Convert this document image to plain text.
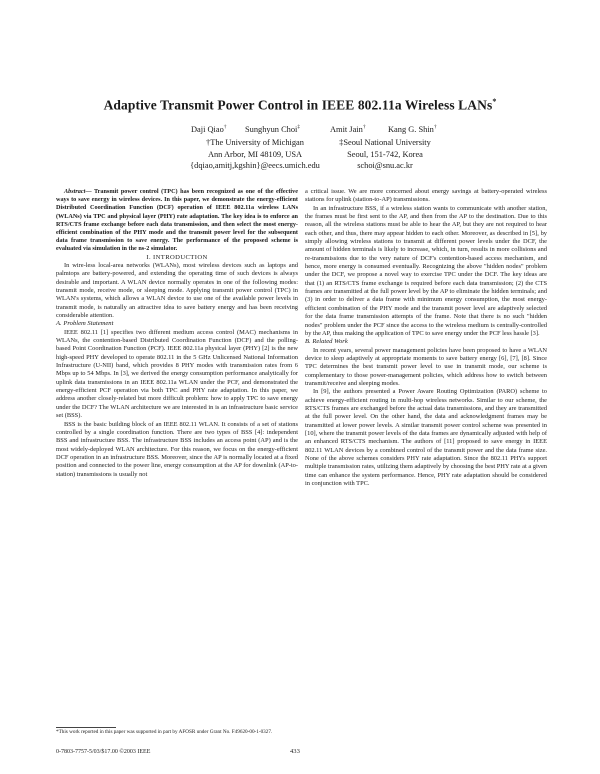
Adaptive Transmit Power Control in IEEE 802.11a Wireless LANs*
Daji Qiao† Sunghyun Choi‡	Amit Jain†	Kang G. Shin†
†The University of Michigan
Ann Arbor, MI 48109, USA
{dqiao,amitj,kgshin}@eecs.umich.edu
‡Seoul National University
Seoul, 151-742, Korea
schoi@snu.ac.kr

Abstract— Transmit power control (TPC) has been recognized as one of the effective ways to save energy in wireless devices. In this paper, we demonstrate the energy-efficient Distributed Coordination Function (DCF) operation of IEEE 802.11a wireless LANs (WLANs) via TPC and physical layer (PHY) rate adaptation. The key idea is to enforce an RTS/CTS frame exchange before each data transmission, and then select the most energy-efficient combination of the PHY mode and the transmit power level for the subsequent data frame transmission to save energy. The performance of the proposed scheme is evaluated via simulation in the ns-2 simulator.

I. INTRODUCTION

In wire-less local-area networks (WLANs), most wireless devices such as laptops and palmtops are battery-powered, and extending the operating time of such devices is always desirable and important. A WLAN device normally operates in one of the following modes: transmit mode, receive mode, or sleeping mode. Applying transmit power control (TPC) in WLAN's systems, which allows a WLAN device to use one of the available power levels in transmit mode, is naturally an attractive idea to save battery energy and has been receiving considerable attention.

A. Problem Statement

IEEE 802.11 [1] specifies two different medium access control (MAC) mechanisms in WLANs, the contention-based Distributed Coordination Function (DCF) and the polling-based Point Coordination Function (PCF). IEEE 802.11a physical layer (PHY) [2] is the new high-speed PHY developed to operate 802.11 in the 5 GHz Unlicensed National Information Infrastructure (U-NII) band, which provides 8 PHY modes with transmission rates from 6 Mbps up to 54 Mbps. In [3], we derived the energy consumption performance analytically for uplink data transmissions in an IEEE 802.11a WLAN under the PCF, and demonstrated the energy-efficient PCF operation via both TPC and PHY rate adaptation. In this paper, we address another closely-related but more difficult problem: how to apply TPC to save energy under the DCF? The WLAN architecture we are interested in is an infrastructure basic service set (BSS).

BSS is the basic building block of an IEEE 802.11 WLAN. It consists of a set of stations controlled by a single coordination function. There are two types of BSS [4]: independent BSS and infrastructure BSS. The infrastructure BSS includes an access point (AP) and is the most widely-deployed WLAN architecture. For this reason, we focus on the energy-efficient DCF operation in an infrastructure BSS. Moreover, since the AP is normally located at a fixed position and connected to the power line, energy consumption at the AP for downlink (AP-to-station) transmissions is usually not

*This work reported in this paper was supported in part by AFOSR under Grant No. F49620-00-1-0327.

a critical issue. We are more concerned about energy savings at battery-operated wireless stations for uplink (station-to-AP) transmissions.

In an infrastructure BSS, if a wireless station wants to communicate with another station, the frames must be first sent to the AP, and then from the AP to the destination. Due to this reason, all the wireless stations must be able to hear the AP, but they are not required to hear each other, and thus, there may appear hidden to each other. Moreover, as described in [5], by simply allowing wireless stations to transmit at different power levels under the DCF, the amount of hidden terminals is likely to increase, which, in turn, results in more collisions and re-transmissions due to the very nature of DCF's contention-based access mechanism, and hence, more energy is consumed eventually. Recognizing the above "hidden nodes" problem under the DCF, we propose a novel way to exercise TPC under the DCF. The key ideas are that (1) an RTS/CTS frame exchange is required before each data transmission; (2) the CTS frames are transmitted at the full power level by the AP to eliminate the hidden terminals; and (3) in order to deliver a data frame with minimum energy consumption, the most energy-efficient combination of the PHY mode and the transmit power level are adaptively selected for the data frame transmission attempts of the frame. Note that there is no such "hidden nodes" problem under the PCF since the access to the wireless medium is centrally-controlled by the AP, thus making the application of TPC to save energy under the PCF less hassle [3].

B. Related Work

In recent years, several power management policies have been proposed to have a WLAN device to sleep adaptively at appropriate moments to save battery energy [6], [7], [8]. Since TPC determines the best transmit power level to use in transmit mode, our scheme is complementary to those power-management policies, which address how to switch between transmit/receive and sleeping modes.

In [9], the authors presented a Power Aware Routing Optimization (PARO) scheme to achieve energy-efficient routing in multi-hop wireless networks. Similar to our scheme, the RTS/CTS frames are exchanged before the actual data transmissions, and they are transmitted at the full power level. On the other hand, the data and acknowledgment frames may be transmitted at lower power levels. A similar transmit power control scheme was presented in [10], where the transmit power levels of the data frames are dynamically adjusted with help of an enhanced RTS/CTS mechanism. The authors of [11] proposed to save energy in IEEE 802.11 WLAN devices by a combined control of the transmit power and the data frame size. None of the above schemes considers PHY rate adaptation. Since the 802.11 PHYs support multiple transmission rates, utilizing them adaptively by choosing the best PHY rate at a given time can enhance the system performance. Hence, PHY rate adaptation should be considered in conjunction with TPC.

0-7803-7757-5/03/$17.00 ©2003 IEEE	433
